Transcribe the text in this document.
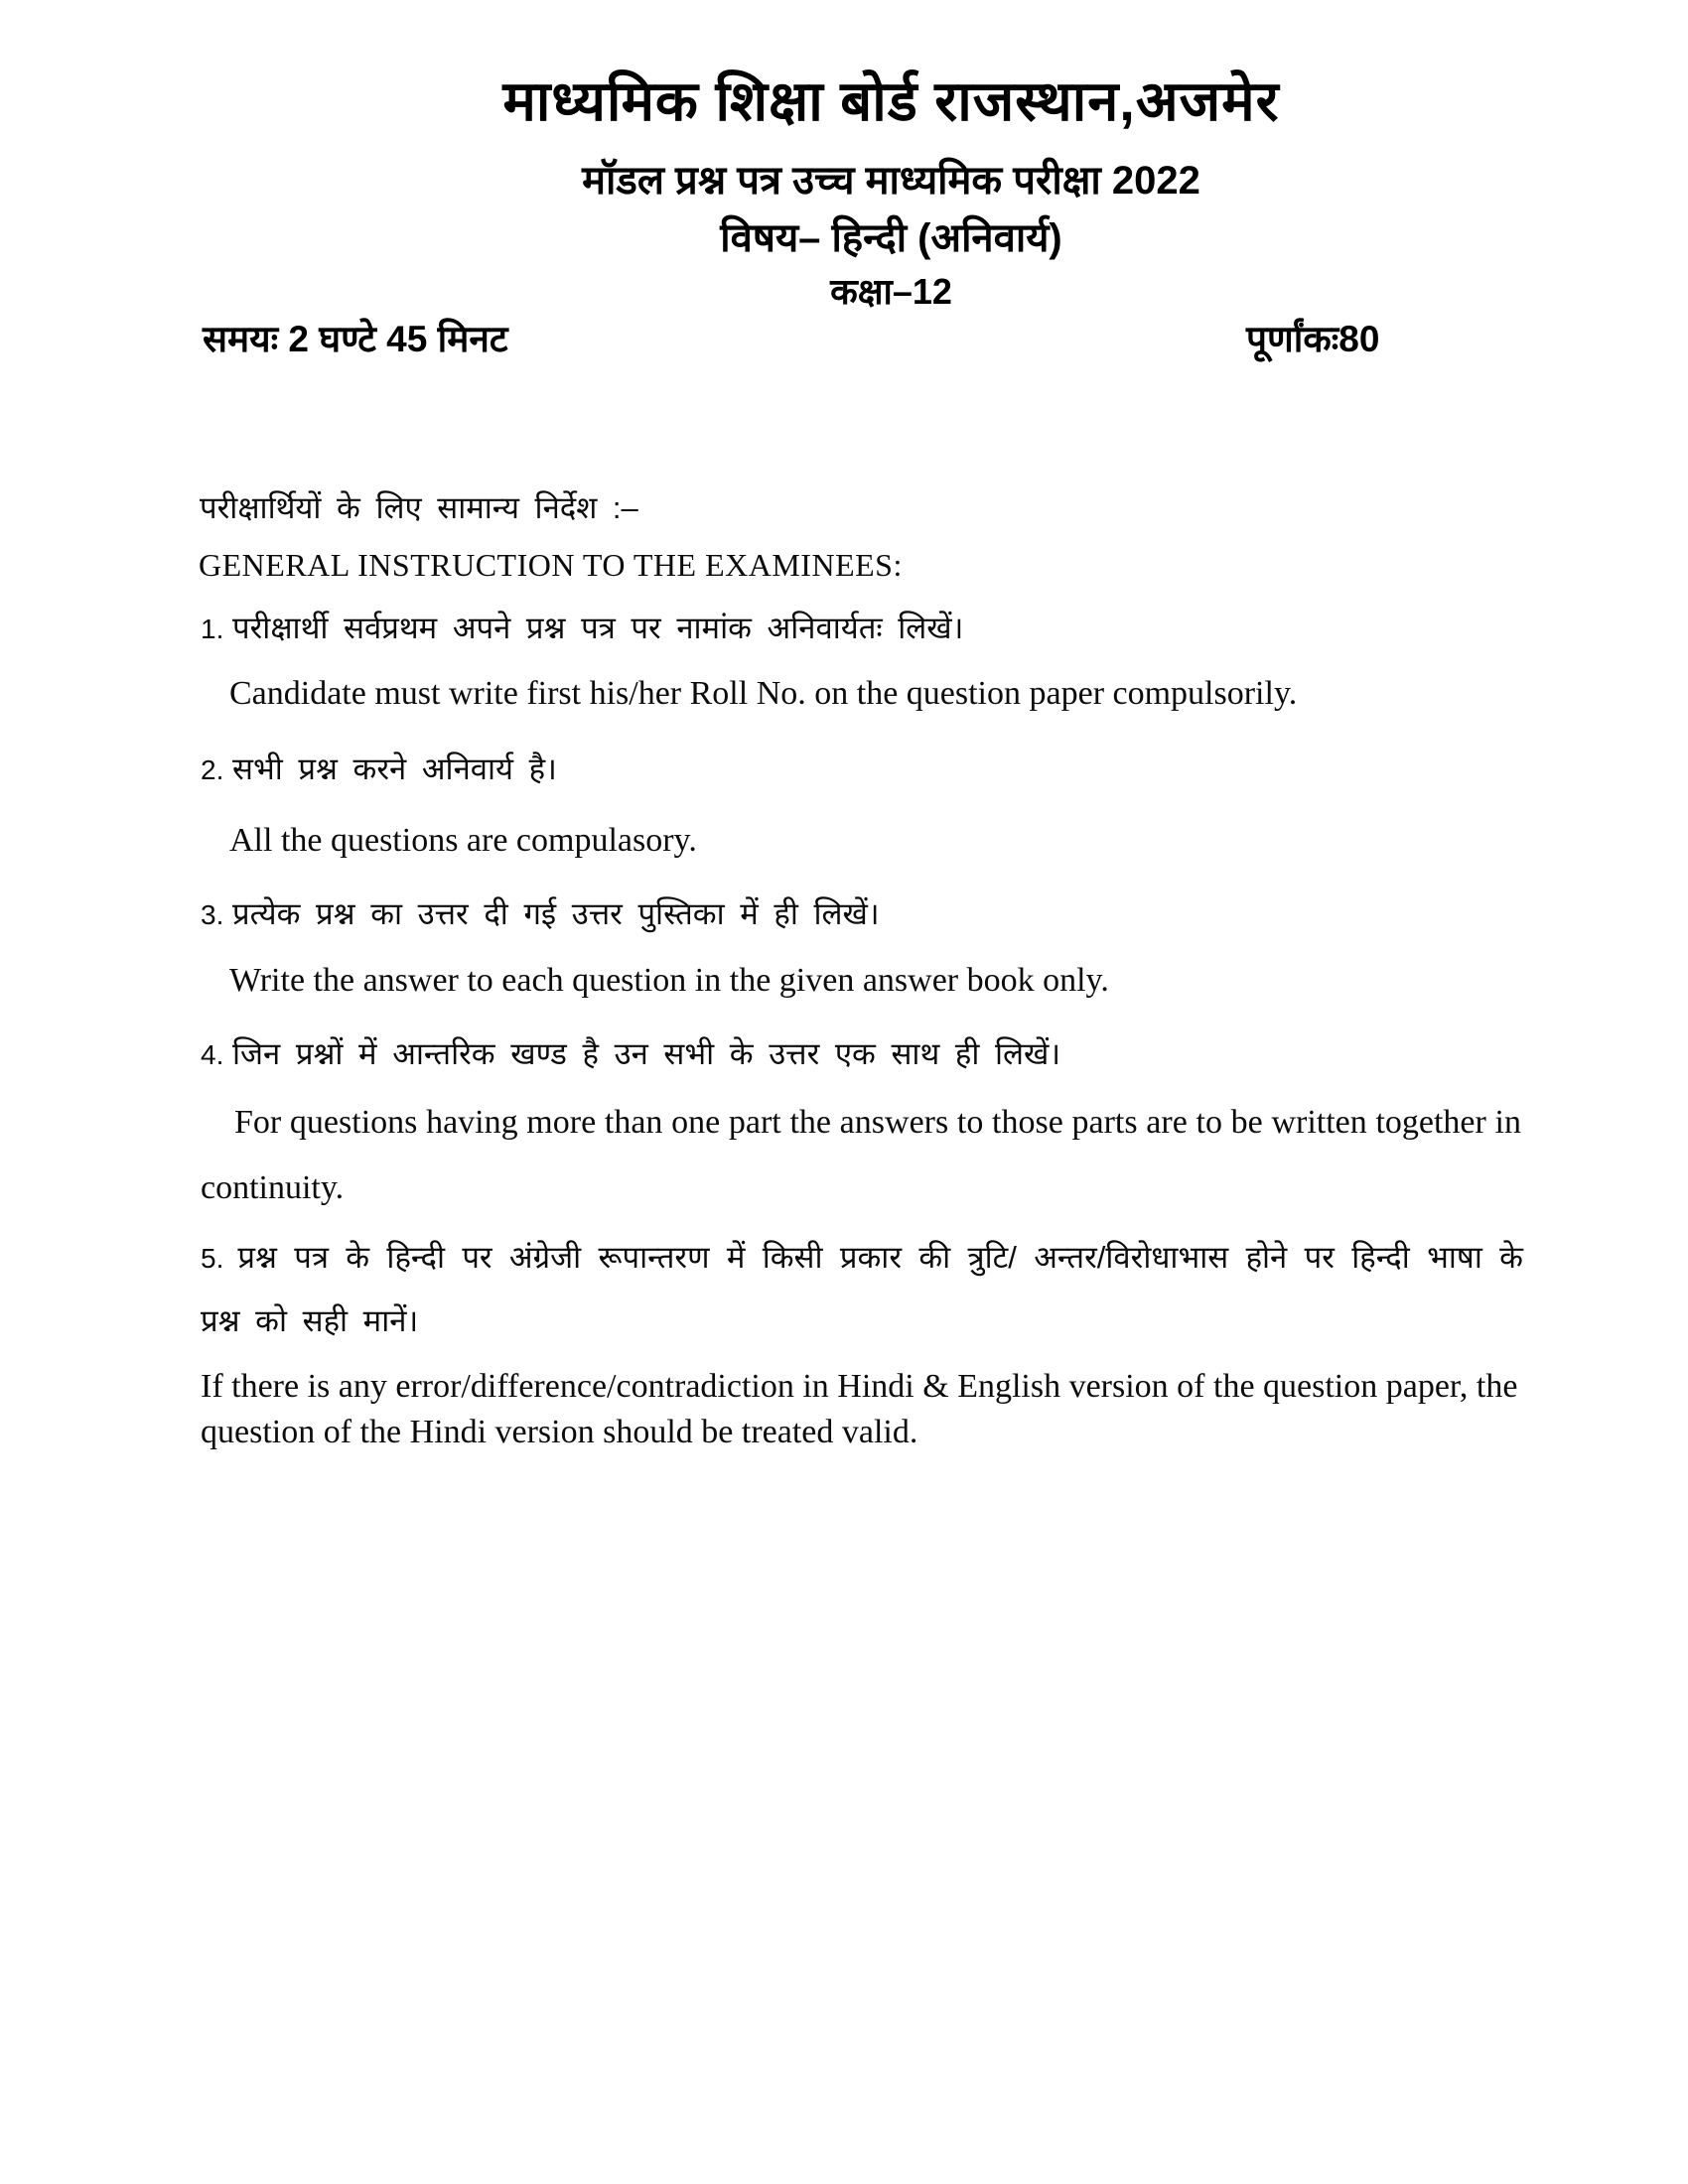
माध्यमिक शिक्षा बोर्ड राजस्थान,अजमेर
मॉडल प्रश्न पत्र उच्च माध्यमिक परीक्षा 2022
विषय– हिन्दी (अनिवार्य)
कक्षा–12
समयः 2 घण्टे 45 मिनट	पूर्णांकः80
परीक्षार्थियों के लिए सामान्य निर्देश :–
GENERAL INSTRUCTION TO THE EXAMINEES:
1. परीक्षार्थी सर्वप्रथम अपने प्रश्न पत्र पर नामांक अनिवार्यतः लिखें।
Candidate must write first his/her Roll No. on the question paper compulsorily.
2. सभी प्रश्न करने अनिवार्य है।
All the questions are compulasory.
3. प्रत्येक प्रश्न का उत्तर दी गई उत्तर पुस्तिका में ही लिखें।
Write the answer to each question in the given answer book only.
4. जिन प्रश्नों में आन्तरिक खण्ड है उन सभी के उत्तर एक साथ ही लिखें।
For questions having more than one part the answers to those parts are to be written together in continuity.
5. प्रश्न पत्र के हिन्दी पर अंग्रेजी रूपान्तरण में किसी प्रकार की त्रुटि/ अन्तर/विरोधाभास होने पर हिन्दी भाषा के प्रश्न को सही मानें।
If there is any error/difference/contradiction in Hindi & English version of the question paper, the question of the Hindi version should be treated valid.
